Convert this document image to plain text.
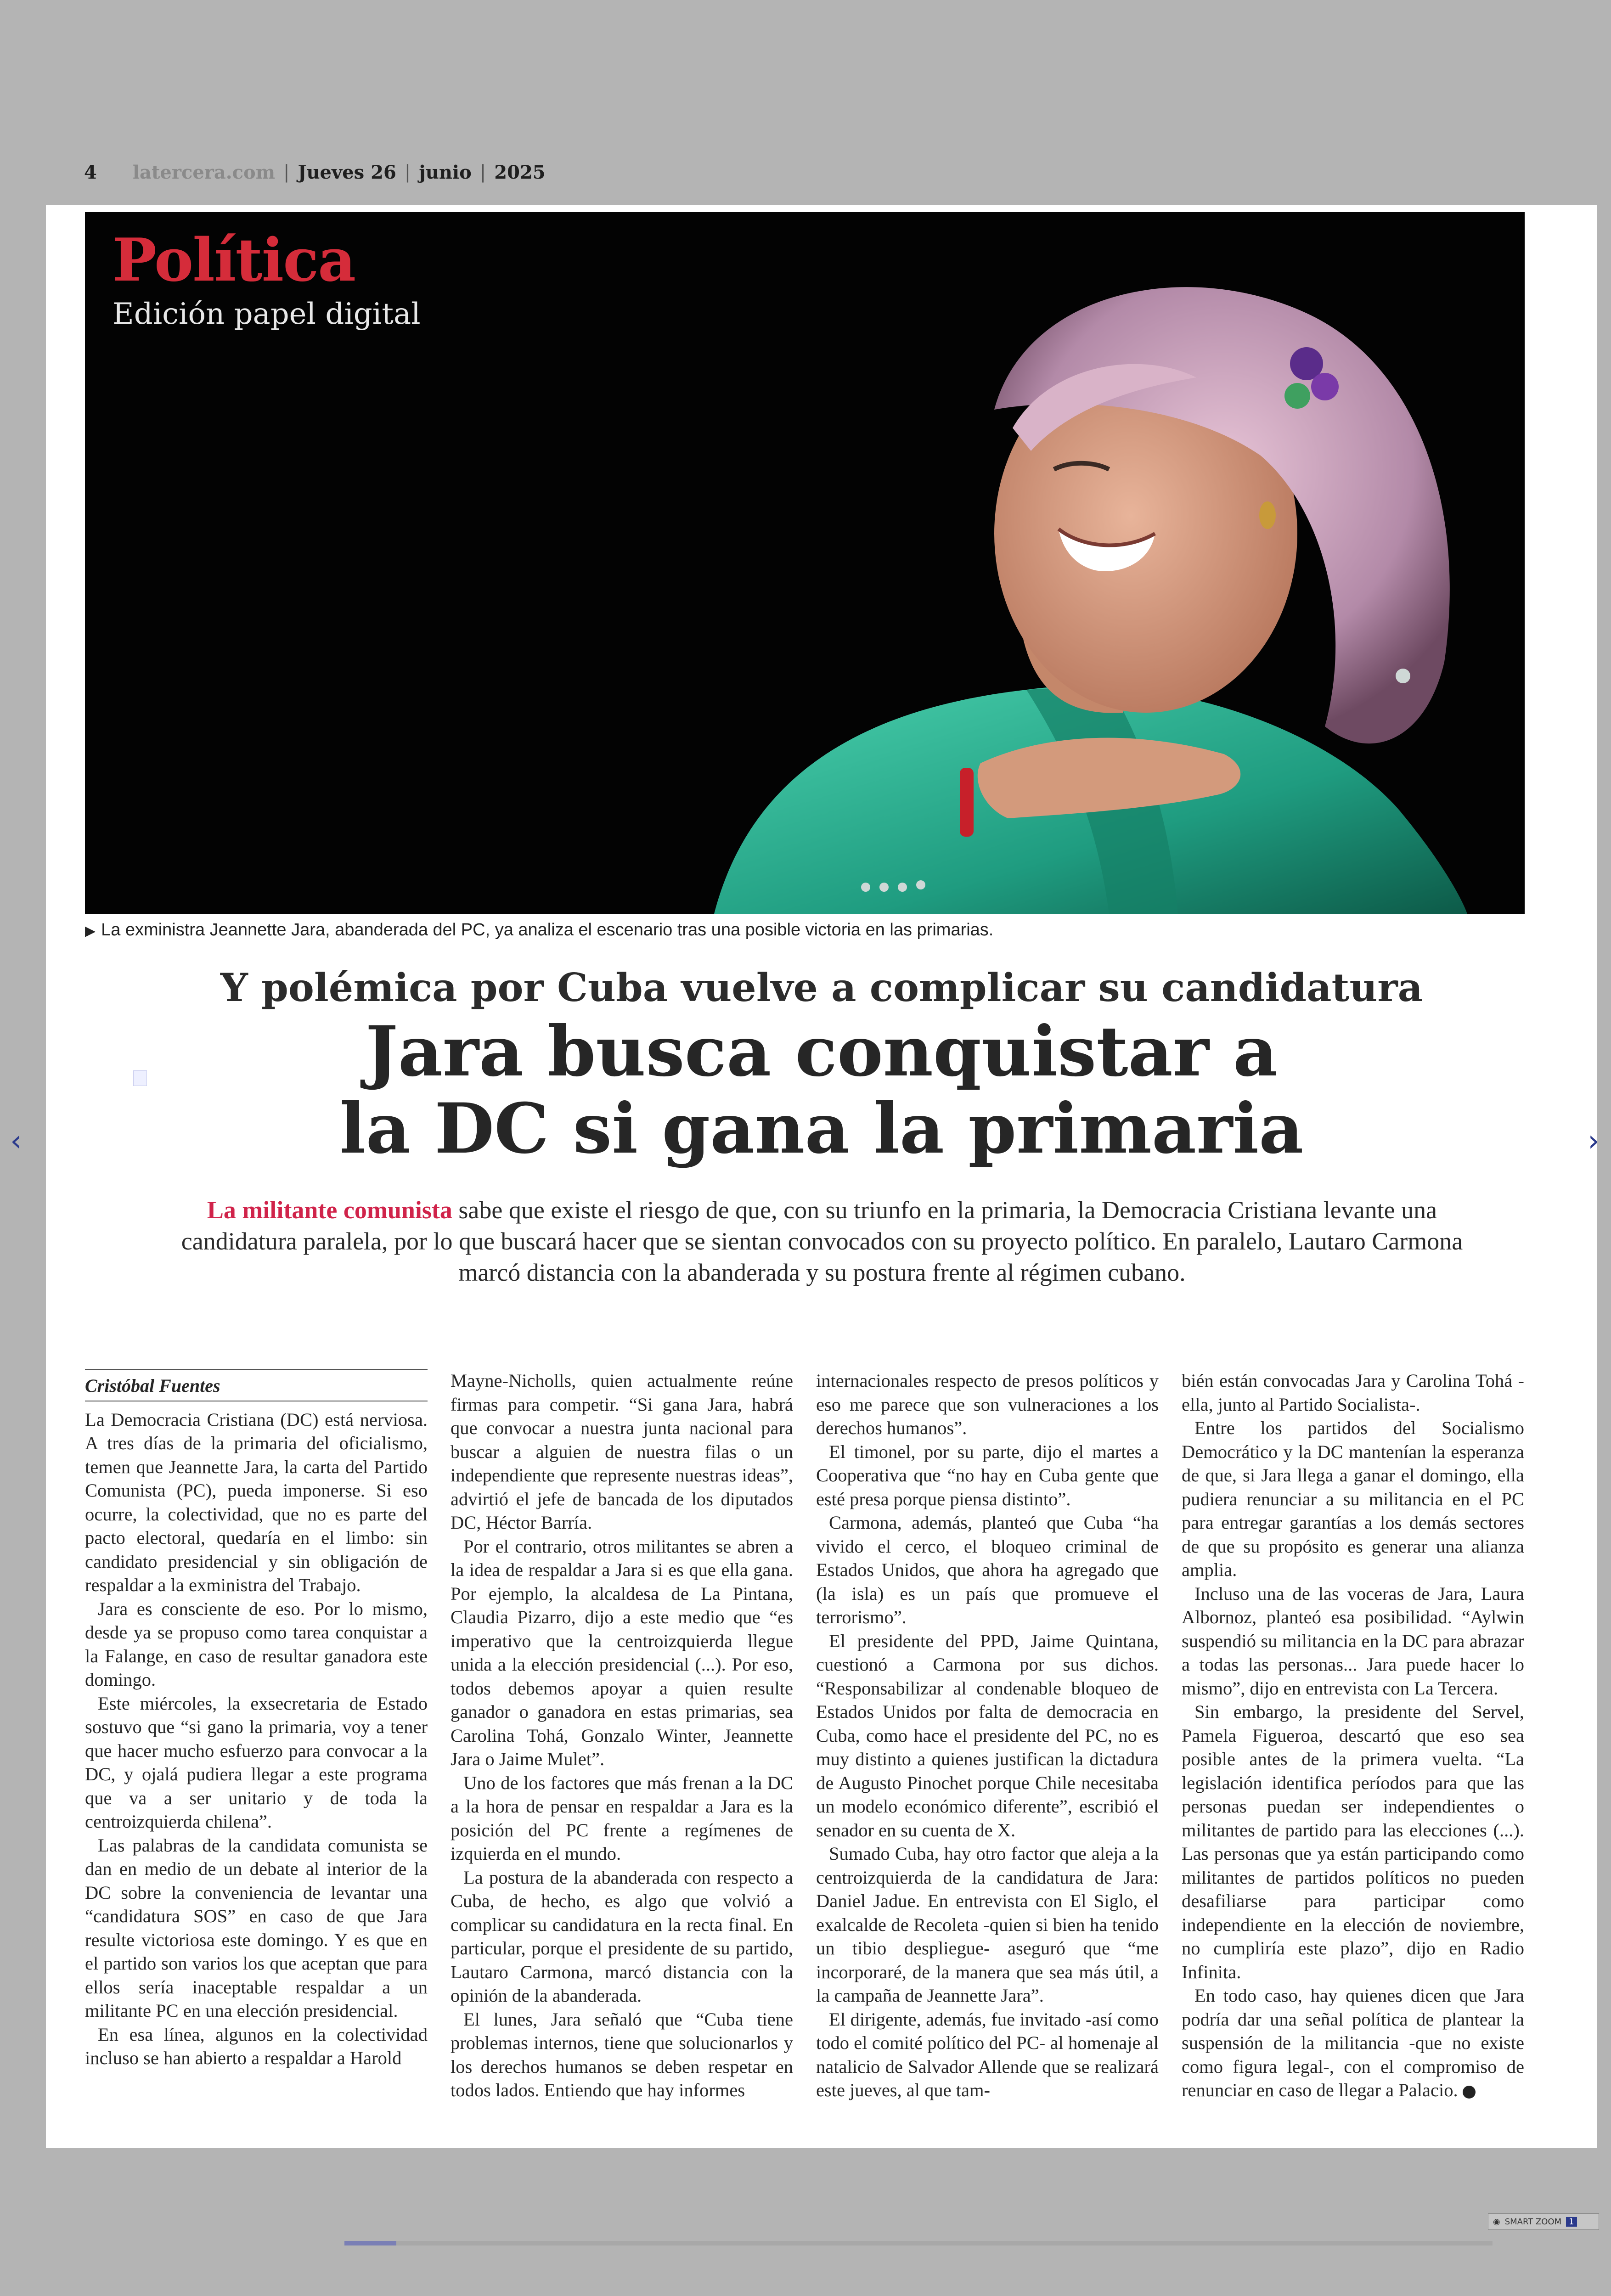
4 latercera.com | Jueves 26 | junio | 2025
Política
Edición papel digital
▶ La exministra Jeannette Jara, abanderada del PC, ya analiza el escenario tras una posible victoria en las primarias.
Y polémica por Cuba vuelve a complicar su candidatura
Jara busca conquistar a
la DC si gana la primaria
La militante comunista sabe que existe el riesgo de que, con su triunfo en la primaria, la Democracia Cristiana levante una candidatura paralela, por lo que buscará hacer que se sientan convocados con su proyecto político. En paralelo, Lautaro Carmona marcó distancia con la abanderada y su postura frente al régimen cubano.
Cristóbal Fuentes

La Democracia Cristiana (DC) está nerviosa. A tres días de la primaria del oficialismo, temen que Jeannette Jara, la carta del Partido Comunista (PC), pueda imponerse. Si eso ocurre, la colectividad, que no es parte del pacto electoral, quedaría en el limbo: sin candidato presidencial y sin obligación de respaldar a la exministra del Trabajo.

Jara es consciente de eso. Por lo mismo, desde ya se propuso como tarea conquistar a la Falange, en caso de resultar ganadora este domingo.

Este miércoles, la exsecretaria de Estado sostuvo que “si gano la primaria, voy a tener que hacer mucho esfuerzo para convocar a la DC, y ojalá pudiera llegar a este programa que va a ser unitario y de toda la centroizquierda chilena”.

Las palabras de la candidata comunista se dan en medio de un debate al interior de la DC sobre la conveniencia de levantar una “candidatura SOS” en caso de que Jara resulte victoriosa este domingo. Y es que en el partido son varios los que aceptan que para ellos sería inaceptable respaldar a un militante PC en una elección presidencial.

En esa línea, algunos en la colectividad incluso se han abierto a respaldar a Harold

Mayne-Nicholls, quien actualmente reúne firmas para competir. “Si gana Jara, habrá que convocar a nuestra junta nacional para buscar a alguien de nuestra filas o un independiente que represente nuestras ideas”, advirtió el jefe de bancada de los diputados DC, Héctor Barría.

Por el contrario, otros militantes se abren a la idea de respaldar a Jara si es que ella gana. Por ejemplo, la alcaldesa de La Pintana, Claudia Pizarro, dijo a este medio que “es imperativo que la centroizquierda llegue unida a la elección presidencial (...). Por eso, todos debemos apoyar a quien resulte ganador o ganadora en estas primarias, sea Carolina Tohá, Gonzalo Winter, Jeannette Jara o Jaime Mulet”.

Uno de los factores que más frenan a la DC a la hora de pensar en respaldar a Jara es la posición del PC frente a regímenes de izquierda en el mundo.

La postura de la abanderada con respecto a Cuba, de hecho, es algo que volvió a complicar su candidatura en la recta final. En particular, porque el presidente de su partido, Lautaro Carmona, marcó distancia con la opinión de la abanderada.

El lunes, Jara señaló que “Cuba tiene problemas internos, tiene que solucionarlos y los derechos humanos se deben respetar en todos lados. Entiendo que hay informes

internacionales respecto de presos políticos y eso me parece que son vulneraciones a los derechos humanos”.

El timonel, por su parte, dijo el martes a Cooperativa que “no hay en Cuba gente que esté presa porque piensa distinto”.

Carmona, además, planteó que Cuba “ha vivido el cerco, el bloqueo criminal de Estados Unidos, que ahora ha agregado que (la isla) es un país que promueve el terrorismo”.

El presidente del PPD, Jaime Quintana, cuestionó a Carmona por sus dichos. “Responsabilizar al condenable bloqueo de Estados Unidos por falta de democracia en Cuba, como hace el presidente del PC, no es muy distinto a quienes justifican la dictadura de Augusto Pinochet porque Chile necesitaba un modelo económico diferente”, escribió el senador en su cuenta de X.

Sumado Cuba, hay otro factor que aleja a la centroizquierda de la candidatura de Jara: Daniel Jadue. En entrevista con El Siglo, el exalcalde de Recoleta -quien si bien ha tenido un tibio despliegue- aseguró que “me incorporaré, de la manera que sea más útil, a la campaña de Jeannette Jara”.

El dirigente, además, fue invitado -así como todo el comité político del PC- al homenaje al natalicio de Salvador Allende que se realizará este jueves, al que tam-

bién están convocadas Jara y Carolina Tohá -ella, junto al Partido Socialista-.

Entre los partidos del Socialismo Democrático y la DC mantenían la esperanza de que, si Jara llega a ganar el domingo, ella pudiera renunciar a su militancia en el PC para entregar garantías a los demás sectores de que su propósito es generar una alianza amplia.

Incluso una de las voceras de Jara, Laura Albornoz, planteó esa posibilidad. “Aylwin suspendió su militancia en la DC para abrazar a todas las personas... Jara puede hacer lo mismo”, dijo en entrevista con La Tercera.

Sin embargo, la presidente del Servel, Pamela Figueroa, descartó que eso sea posible antes de la primera vuelta. “La legislación identifica períodos para que las personas puedan ser independientes o militantes de partido para las elecciones (...). Las personas que ya están participando como militantes de partidos políticos no pueden desafiliarse para participar como independiente en la elección de noviembre, no cumpliría este plazo”, dijo en Radio Infinita.

En todo caso, hay quienes dicen que Jara podría dar una señal política de plantear la suspensión de la militancia -que no existe como figura legal-, con el compromiso de renunciar en caso de llegar a Palacio.

‹	›
◉ SMART ZOOM 1
